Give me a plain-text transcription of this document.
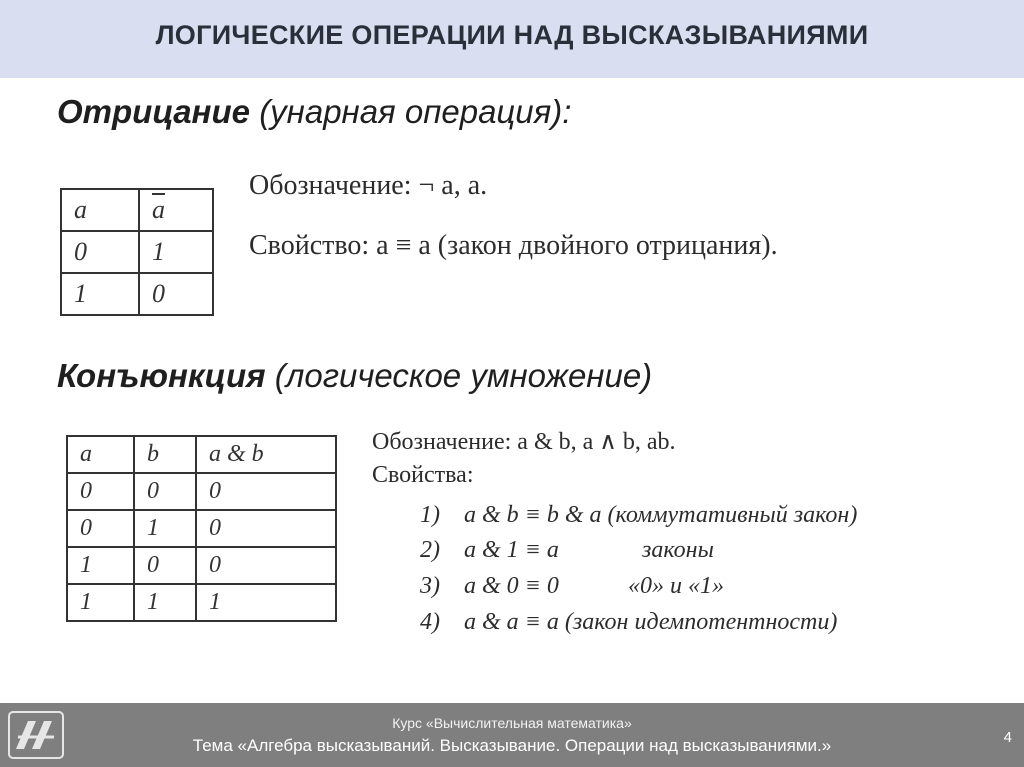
ЛОГИЧЕСКИЕ ОПЕРАЦИИ НАД ВЫСКАЗЫВАНИЯМИ
Отрицание (унарная операция):
a	$\overline{a}$
0	1
1	0
Обозначение: ¬ a, a.
Свойство: a ≡ a (закон двойного отрицания).
Конъюнкция (логическое умножение)
a	b	a & b
0	0	0
0	1	0
1	0	0
1	1	1
Обозначение: a & b, a ∧ b, ab.
Свойства:
1) a & b ≡ b & a (коммутативный закон)
2) a & 1 ≡ a
3) a & 0 ≡ 0
4) a & a ≡ a (закон идемпотентности)
законы
«0» и «1»
Курс «Вычислительная математика»
Тема «Алгебра высказываний. Высказывание. Операции над высказываниями.»	4
